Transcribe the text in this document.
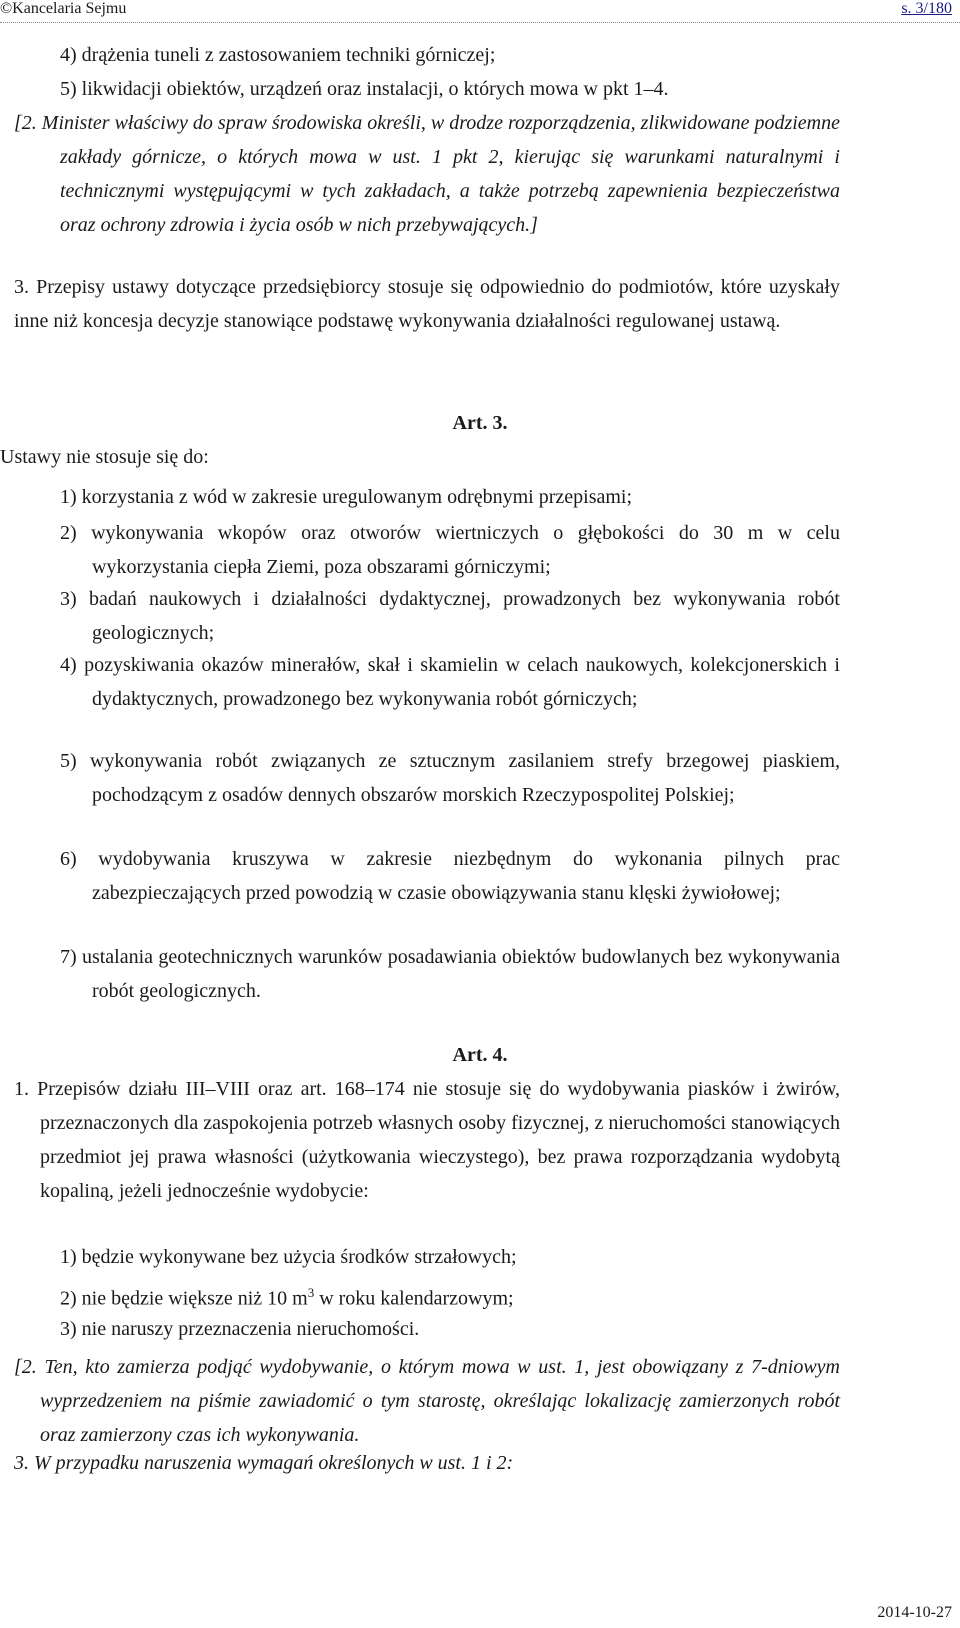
©Kancelaria Sejmu	s. 3/180
4) drążenia tuneli z zastosowaniem techniki górniczej;
5) likwidacji obiektów, urządzeń oraz instalacji, o których mowa w pkt 1–4.
[2. Minister właściwy do spraw środowiska określi, w drodze rozporządzenia, zlikwidowane podziemne zakłady górnicze, o których mowa w ust. 1 pkt 2, kierując się warunkami naturalnymi i technicznymi występującymi w tych zakładach, a także potrzebą zapewnienia bezpieczeństwa oraz ochrony zdrowia i życia osób w nich przebywających.]
3. Przepisy ustawy dotyczące przedsiębiorcy stosuje się odpowiednio do podmiotów, które uzyskały inne niż koncesja decyzje stanowiące podstawę wykonywania działalności regulowanej ustawą.
Art. 3.
Ustawy nie stosuje się do:
1) korzystania z wód w zakresie uregulowanym odrębnymi przepisami;
2) wykonywania wkopów oraz otworów wiertniczych o głębokości do 30 m w celu wykorzystania ciepła Ziemi, poza obszarami górniczymi;
3) badań naukowych i działalności dydaktycznej, prowadzonych bez wykonywania robót geologicznych;
4) pozyskiwania okazów minerałów, skał i skamielin w celach naukowych, kolekcjonerskich i dydaktycznych, prowadzonego bez wykonywania robót górniczych;
5) wykonywania robót związanych ze sztucznym zasilaniem strefy brzegowej piaskiem, pochodzącym z osadów dennych obszarów morskich Rzeczypospolitej Polskiej;
6) wydobywania kruszywa w zakresie niezbędnym do wykonania pilnych prac zabezpieczających przed powodzią w czasie obowiązywania stanu klęski żywiołowej;
7) ustalania geotechnicznych warunków posadawiania obiektów budowlanych bez wykonywania robót geologicznych.
Art. 4.
1. Przepisów działu III–VIII oraz art. 168–174 nie stosuje się do wydobywania piasków i żwirów, przeznaczonych dla zaspokojenia potrzeb własnych osoby fizycznej, z nieruchomości stanowiących przedmiot jej prawa własności (użytkowania wieczystego), bez prawa rozporządzania wydobytą kopaliną, jeżeli jednocześnie wydobycie:
1) będzie wykonywane bez użycia środków strzałowych;
2) nie będzie większe niż 10 $m^3$ w roku kalendarzowym;
3) nie naruszy przeznaczenia nieruchomości.
[2. Ten, kto zamierza podjąć wydobywanie, o którym mowa w ust. 1, jest obowiązany z 7-dniowym wyprzedzeniem na piśmie zawiadomić o tym starostę, określając lokalizację zamierzonych robót oraz zamierzony czas ich wykonywania.
3. W przypadku naruszenia wymagań określonych w ust. 1 i 2:
2014-10-27
